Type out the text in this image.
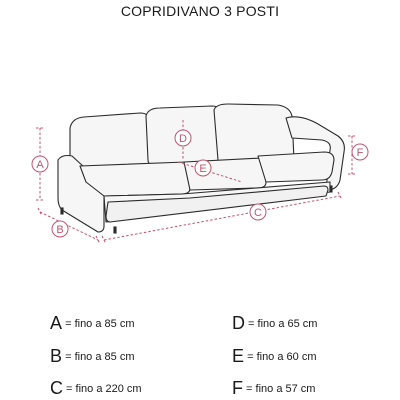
COPRIDIVANO 3 POSTI
A
B
C
D
E
F
A = fino a 85 cm	D = fino a 65 cm
B = fino a 85 cm	E = fino a 60 cm
C = fino a 220 cm	F = fino a 57 cm
